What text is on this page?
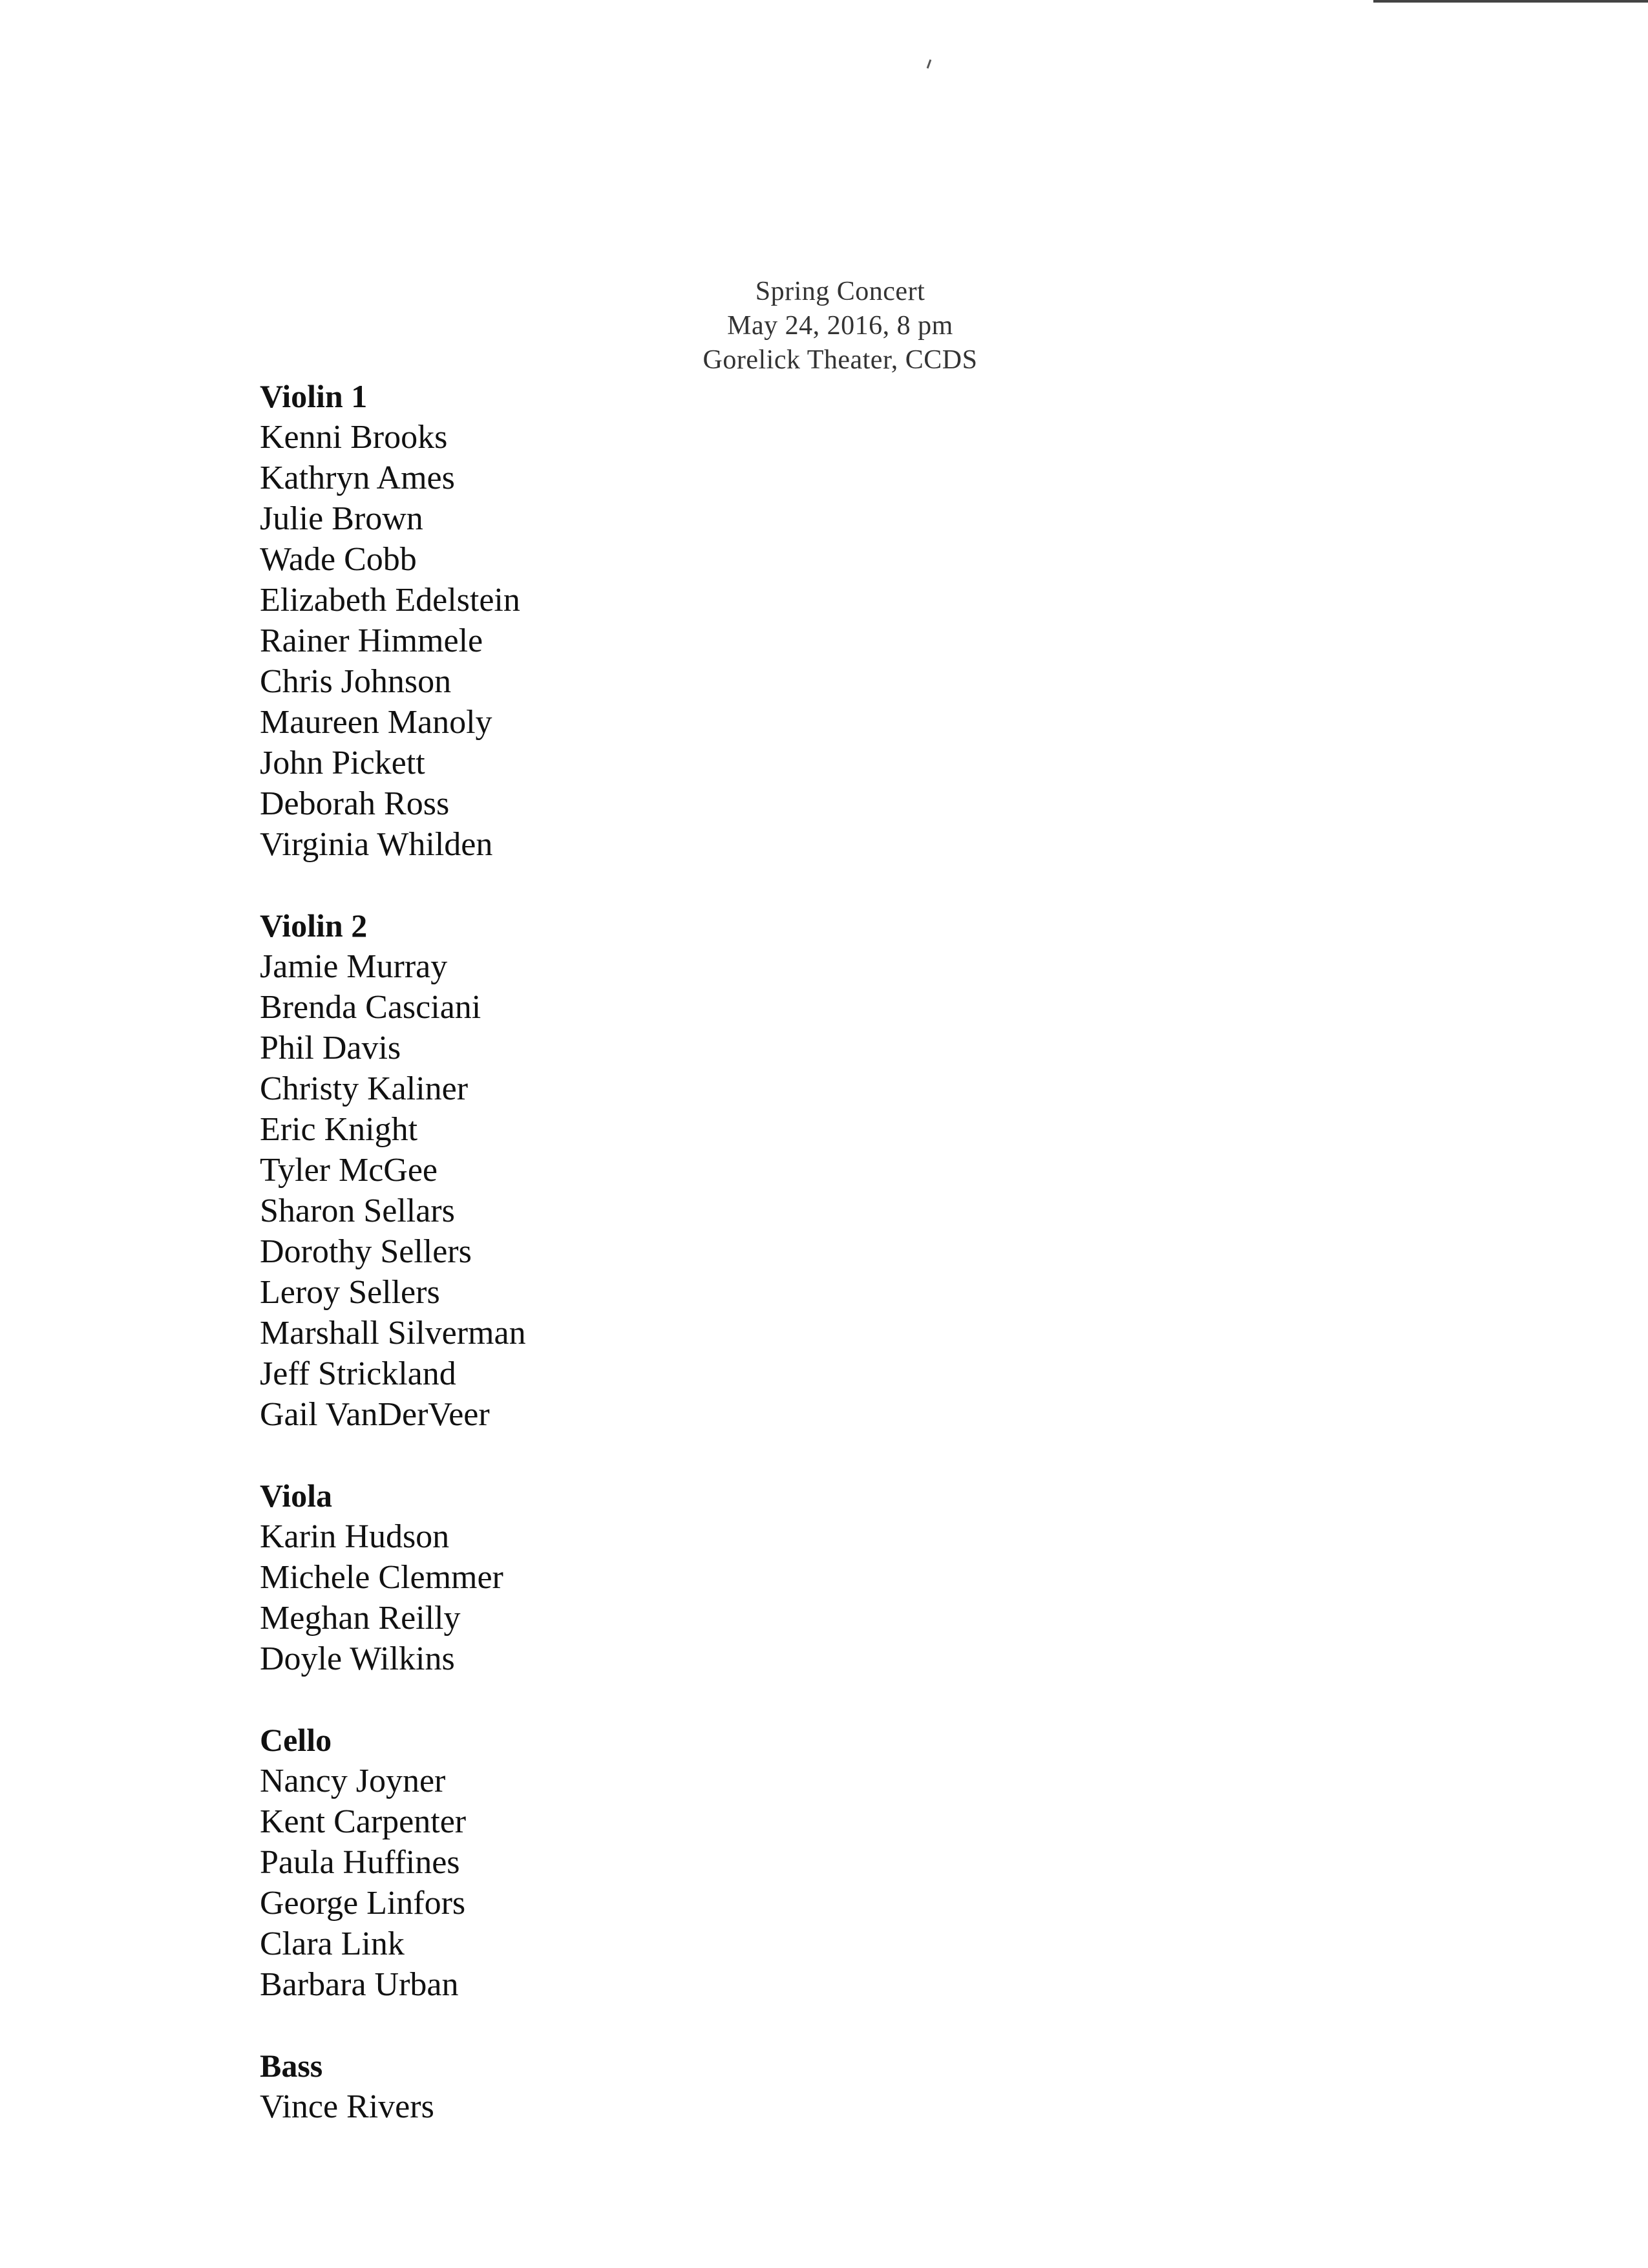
Spring Concert
May 24, 2016, 8 pm
Gorelick Theater, CCDS
Violin 1
Kenni Brooks
Kathryn Ames
Julie Brown
Wade Cobb
Elizabeth Edelstein
Rainer Himmele
Chris Johnson
Maureen Manoly
John Pickett
Deborah Ross
Virginia Whilden
Violin 2
Jamie Murray
Brenda Casciani
Phil Davis
Christy Kaliner
Eric Knight
Tyler McGee
Sharon Sellars
Dorothy Sellers
Leroy Sellers
Marshall Silverman
Jeff Strickland
Gail VanDerVeer
Viola
Karin Hudson
Michele Clemmer
Meghan Reilly
Doyle Wilkins
Cello
Nancy Joyner
Kent Carpenter
Paula Huffines
George Linfors
Clara Link
Barbara Urban
Bass
Vince Rivers
